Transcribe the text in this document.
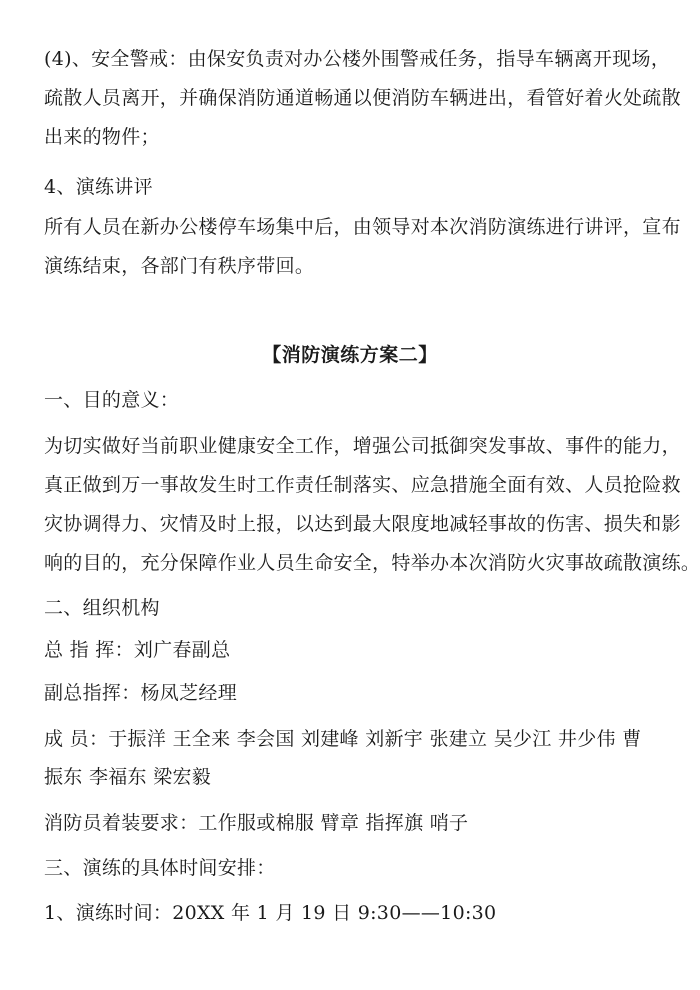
(4)、安全警戒：由保安负责对办公楼外围警戒任务，指导车辆离开现场，
疏散人员离开，并确保消防通道畅通以便消防车辆进出，看管好着火处疏散
出来的物件；
4、演练讲评
所有人员在新办公楼停车场集中后，由领导对本次消防演练进行讲评，宣布
演练结束，各部门有秩序带回。
【消防演练方案二】
一、目的意义：
为切实做好当前职业健康安全工作，增强公司抵御突发事故、事件的能力，
真正做到万一事故发生时工作责任制落实、应急措施全面有效、人员抢险救
灾协调得力、灾情及时上报，以达到最大限度地减轻事故的伤害、损失和影
响的目的，充分保障作业人员生命安全，特举办本次消防火灾事故疏散演练。
二、组织机构
总 指 挥：刘广春副总
副总指挥：杨凤芝经理
成 员：于振洋 王全来 李会国 刘建峰 刘新宇 张建立 吴少江 井少伟 曹
振东 李福东 梁宏毅
消防员着装要求：工作服或棉服 臂章 指挥旗 哨子
三、演练的具体时间安排：
1、演练时间：20XX 年 1 月 19 日 9:30——10:30
